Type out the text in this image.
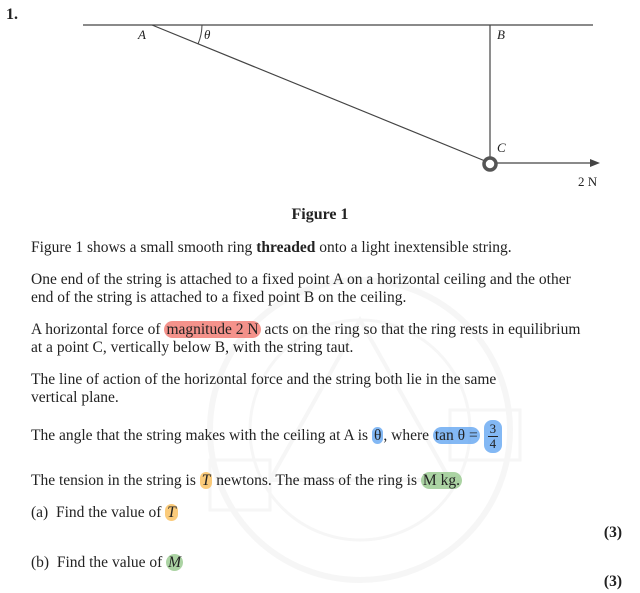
1.
A	B
C
θ
2 N
Figure 1
Figure 1 shows a small smooth ring threaded onto a light inextensible string.
One end of the string is attached to a fixed point A on a horizontal ceiling and the other
end of the string is attached to a fixed point B on the ceiling.
A horizontal force of magnitude 2 N acts on the ring so that the ring rests in equilibrium
at a point C, vertically below B, with the string taut.
The line of action of the horizontal force and the string both lie in the same
vertical plane.
The angle that the string makes with the ceiling at A is θ , where $\tan \theta = \frac{3}{4}$
The tension in the string is T newtons. The mass of the ring is M kg.
(a) Find the value of T
(3)
(b) Find the value of M
(3)
